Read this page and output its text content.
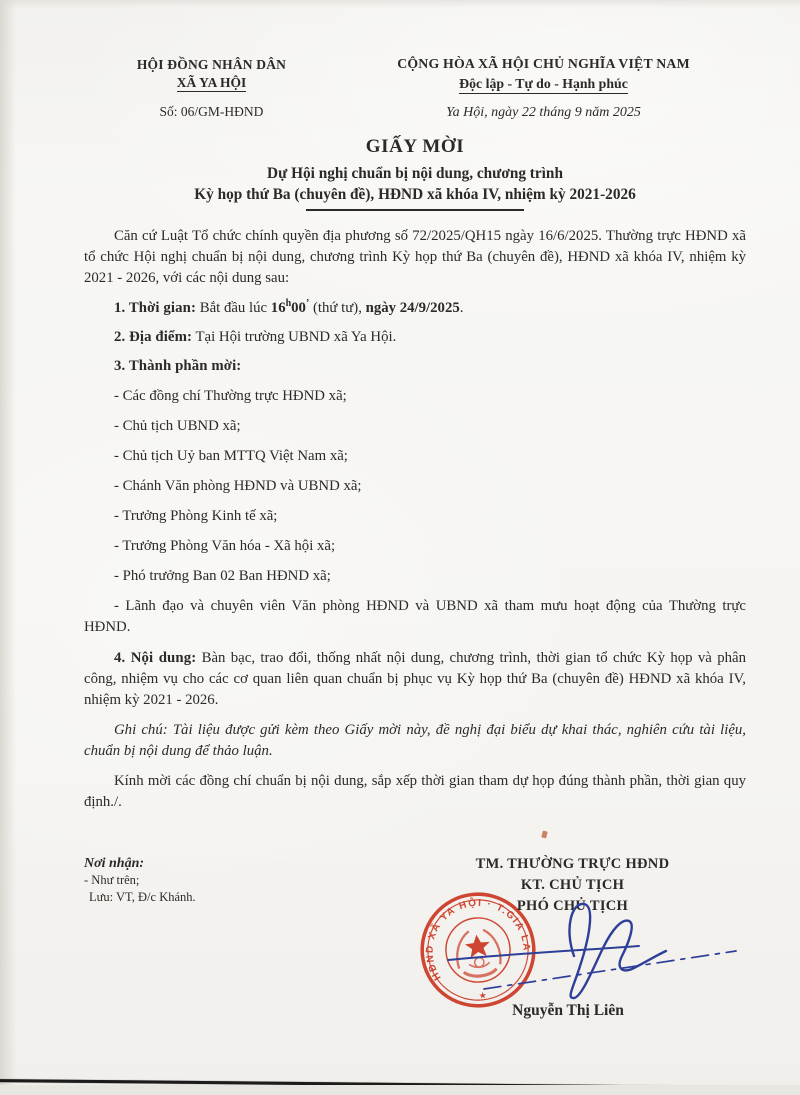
HỘI ĐỒNG NHÂN DÂN
XÃ YA HỘI
Số: 06/GM-HĐND
CỘNG HÒA XÃ HỘI CHỦ NGHĨA VIỆT NAM
Độc lập - Tự do - Hạnh phúc
Ya Hội, ngày 22 tháng 9 năm 2025
GIẤY MỜI
Dự Hội nghị chuẩn bị nội dung, chương trình
Kỳ họp thứ Ba (chuyên đề), HĐND xã khóa IV, nhiệm kỳ 2021-2026

Căn cứ Luật Tổ chức chính quyền địa phương số 72/2025/QH15 ngày 16/6/2025. Thường trực HĐND xã tổ chức Hội nghị chuẩn bị nội dung, chương trình Kỳ họp thứ Ba (chuyên đề), HĐND xã khóa IV, nhiệm kỳ 2021 - 2026, với các nội dung sau:

1. Thời gian: Bắt đầu lúc 16$^h$00’ (thứ tư), ngày 24/9/2025.

2. Địa điểm: Tại Hội trường UBND xã Ya Hội.

3. Thành phần mời:

- Các đồng chí Thường trực HĐND xã;

- Chủ tịch UBND xã;

- Chủ tịch Uỷ ban MTTQ Việt Nam xã;

- Chánh Văn phòng HĐND và UBND xã;

- Trưởng Phòng Kinh tế xã;

- Trưởng Phòng Văn hóa - Xã hội xã;

- Phó trưởng Ban 02 Ban HĐND xã;

- Lãnh đạo và chuyên viên Văn phòng HĐND và UBND xã tham mưu hoạt động của Thường trực HĐND.

4. Nội dung: Bàn bạc, trao đổi, thống nhất nội dung, chương trình, thời gian tổ chức Kỳ họp và phân công, nhiệm vụ cho các cơ quan liên quan chuẩn bị phục vụ Kỳ họp thứ Ba (chuyên đề) HĐND xã khóa IV, nhiệm kỳ 2021 - 2026.

Ghi chú: Tài liệu được gửi kèm theo Giấy mời này, đề nghị đại biểu dự khai thác, nghiên cứu tài liệu, chuẩn bị nội dung để thảo luận.

Kính mời các đồng chí chuẩn bị nội dung, sắp xếp thời gian tham dự họp đúng thành phần, thời gian quy định./.

Nơi nhận:
- Như trên;
Lưu: VT, Đ/c Khánh.
TM. THƯỜNG TRỰC HĐND
KT. CHỦ TỊCH
PHÓ CHỦ TỊCH
HĐND XÃ YA HỘI · T.GIA LAI
★
Nguyễn Thị Liên
